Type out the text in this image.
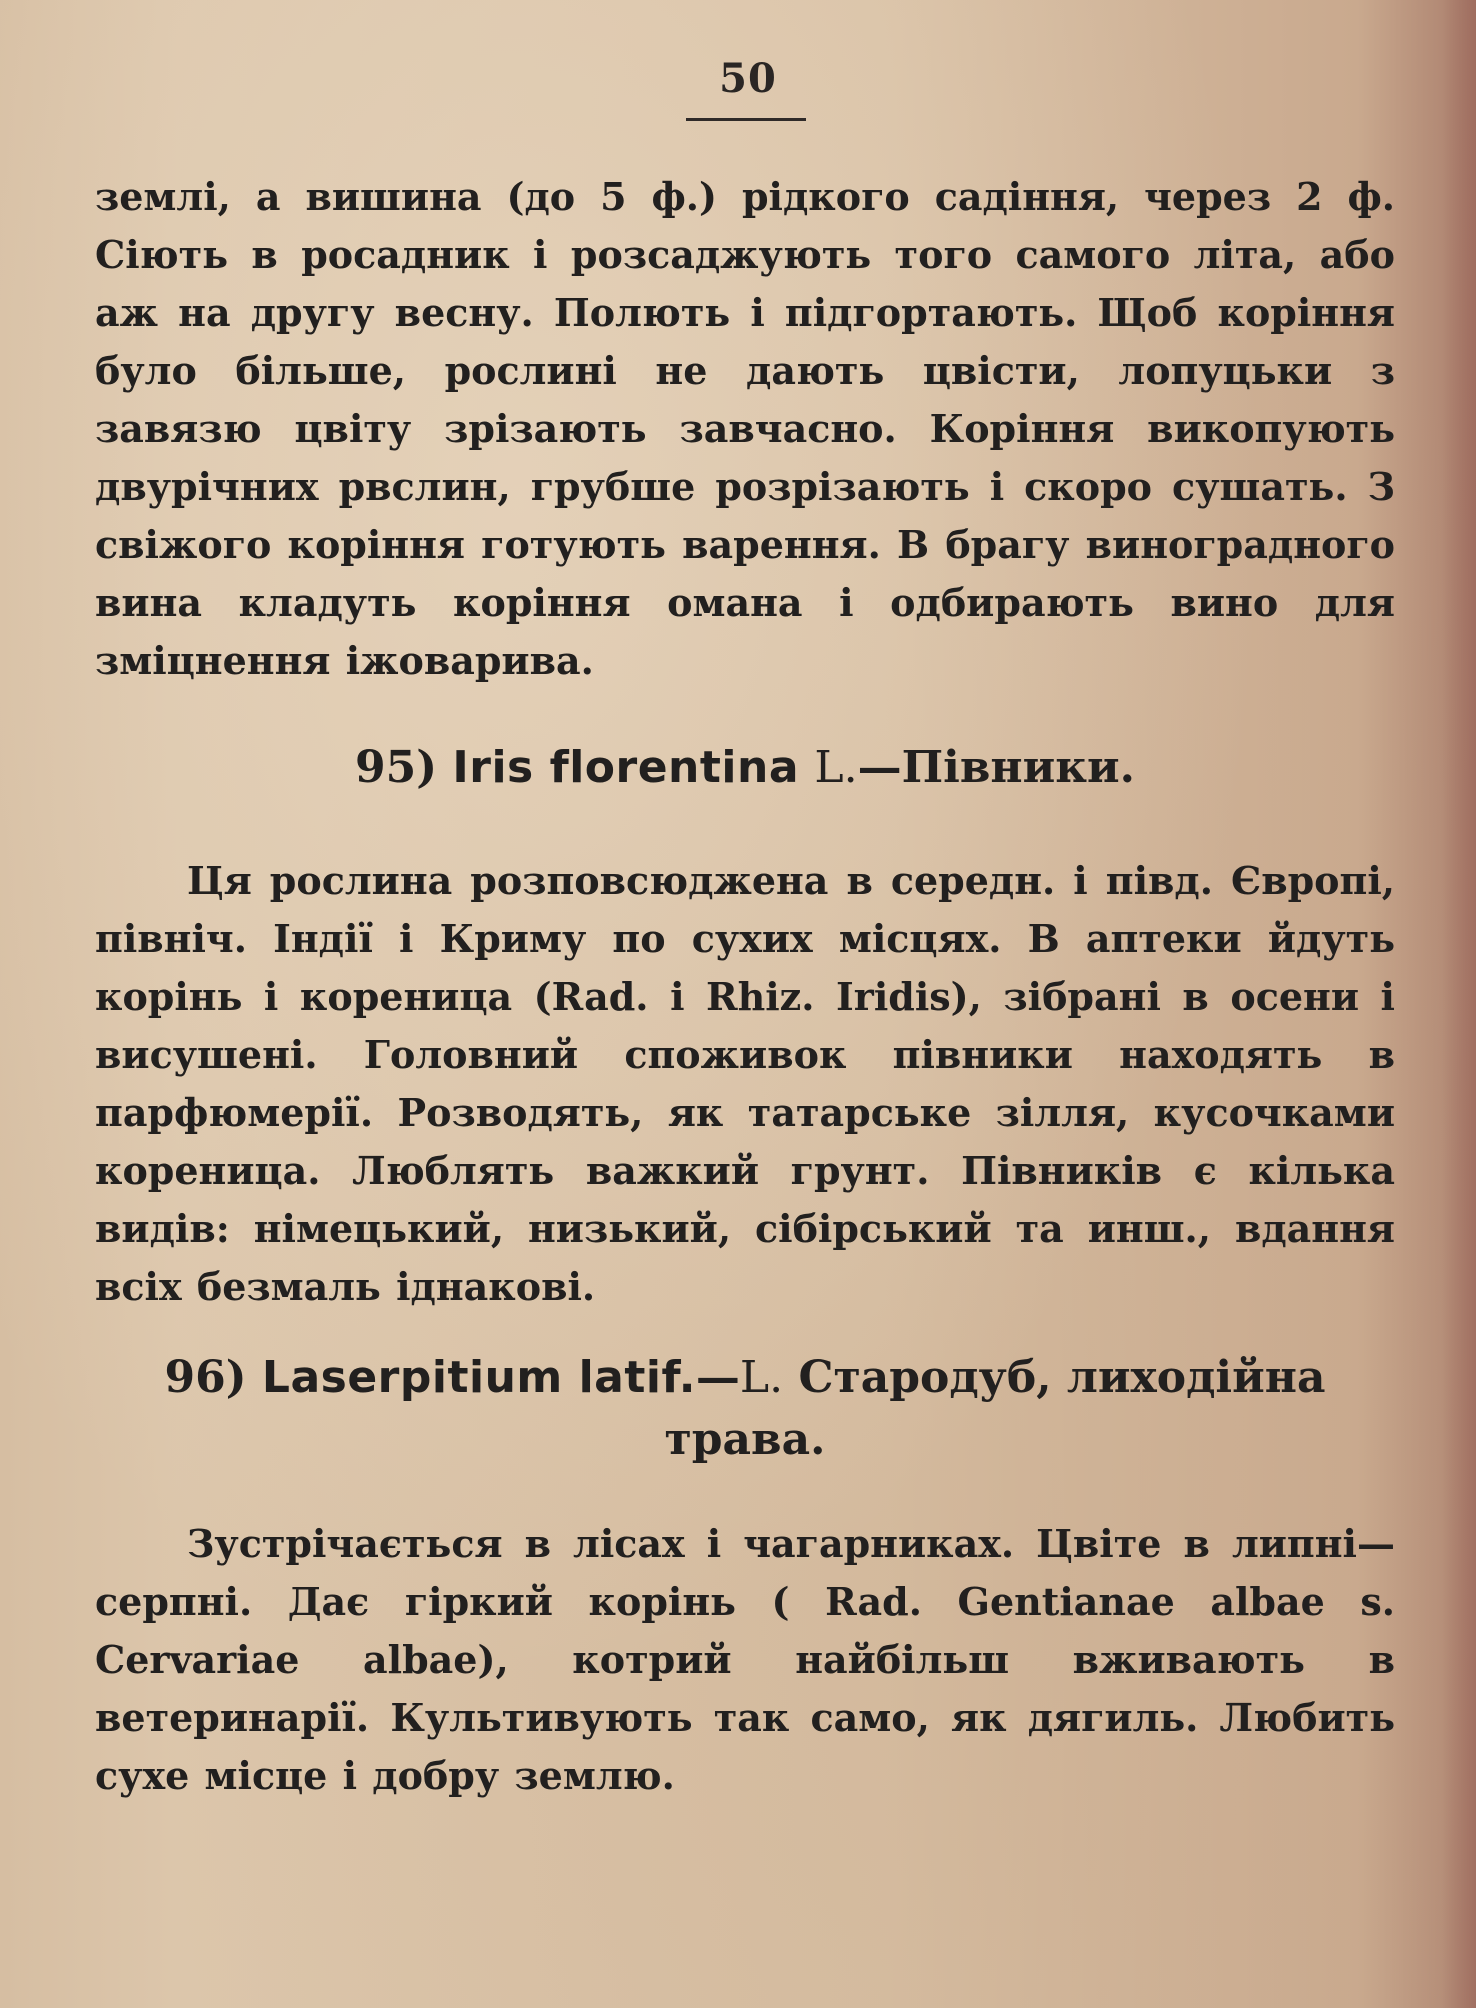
50

землі, а вишина (до 5 ф.) рідкого садіння, через 2 ф. Сіють в росадник і розсаджують того самого літа, або аж на другу весну. Полють і підгортають. Щоб коріння було більше, рослині не дають цвісти, лопуцьки з завязю цвіту зрізають завчасно. Коріння викопують двурічних рвслин, грубше розрізають і скоро сушать. З свіжого коріння готують варення. В брагу виноградного вина кладуть коріння омана і одбирають вино для зміцнення іжоварива.

95) Iris florentina L.—Півники.

Ця рослина розповсюджена в середн. і півд. Європі, північ. Індії і Криму по сухих місцях. В аптеки йдуть корінь і кореница (Rad. і Rhiz. Iridis), зібрані в осени і висушені. Головний споживок півники находять в парфюмерії. Розводять, як татарське зілля, кусочками кореница. Люблять важкий грунт. Півників є кілька видів: німецький, низький, сібірський та инш., вдання всіх безмаль іднакові.

96) Laserpitium latif.—L. Стародуб, лиходійна трава.

Зустрічається в лісах і чагарниках. Цвіте в липні—серпні. Дає гіркий корінь ( Rad. Gentianae albae s. Cervariae albae), котрий найбільш вживають в ветеринарії. Культивують так само, як дягиль. Любить сухе місце і добру землю.
